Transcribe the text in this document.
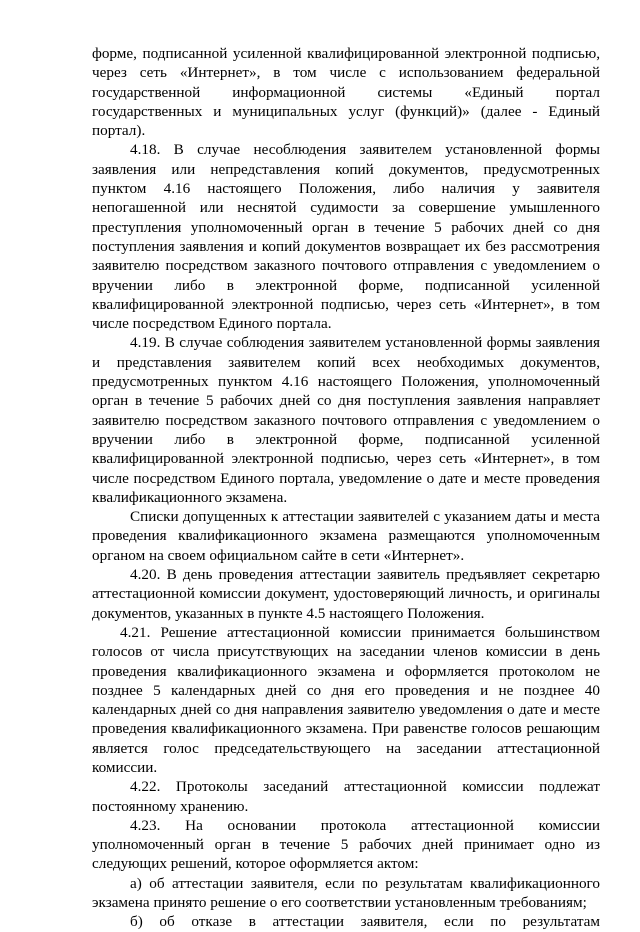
форме, подписанной усиленной квалифицированной электронной подписью, через сеть «Интернет», в том числе с использованием федеральной государственной информационной системы «Единый портал государственных и муниципальных услуг (функций)» (далее - Единый портал).

4.18. В случае несоблюдения заявителем установленной формы заявления или непредставления копий документов, предусмотренных пунктом 4.16 настоящего Положения, либо наличия у заявителя непогашенной или неснятой судимости за совершение умышленного преступления уполномоченный орган в течение 5 рабочих дней со дня поступления заявления и копий документов возвращает их без рассмотрения заявителю посредством заказного почтового отправления с уведомлением о вручении либо в электронной форме, подписанной усиленной квалифицированной электронной подписью, через сеть «Интернет», в том числе посредством Единого портала.

4.19. В случае соблюдения заявителем установленной формы заявления и представления заявителем копий всех необходимых документов, предусмотренных пунктом 4.16 настоящего Положения, уполномоченный орган в течение 5 рабочих дней со дня поступления заявления направляет заявителю посредством заказного почтового отправления с уведомлением о вручении либо в электронной форме, подписанной усиленной квалифицированной электронной подписью, через сеть «Интернет», в том числе посредством Единого портала, уведомление о дате и месте проведения квалификационного экзамена.

Списки допущенных к аттестации заявителей с указанием даты и места проведения квалификационного экзамена размещаются уполномоченным органом на своем официальном сайте в сети «Интернет».

4.20. В день проведения аттестации заявитель предъявляет секретарю аттестационной комиссии документ, удостоверяющий личность, и оригиналы документов, указанных в пункте 4.5 настоящего Положения.

4.21. Решение аттестационной комиссии принимается большинством голосов от числа присутствующих на заседании членов комиссии в день проведения квалификационного экзамена и оформляется протоколом не позднее 5 календарных дней со дня его проведения и не позднее 40 календарных дней со дня направления заявителю уведомления о дате и месте проведения квалификационного экзамена. При равенстве голосов решающим является голос председательствующего на заседании аттестационной комиссии.

4.22. Протоколы заседаний аттестационной комиссии подлежат постоянному хранению.

4.23. На основании протокола аттестационной комиссии уполномоченный орган в течение 5 рабочих дней принимает одно из следующих решений, которое оформляется актом:

а) об аттестации заявителя, если по результатам квалификационного экзамена принято решение о его соответствии установленным требованиям;

б) об отказе в аттестации заявителя, если по результатам
